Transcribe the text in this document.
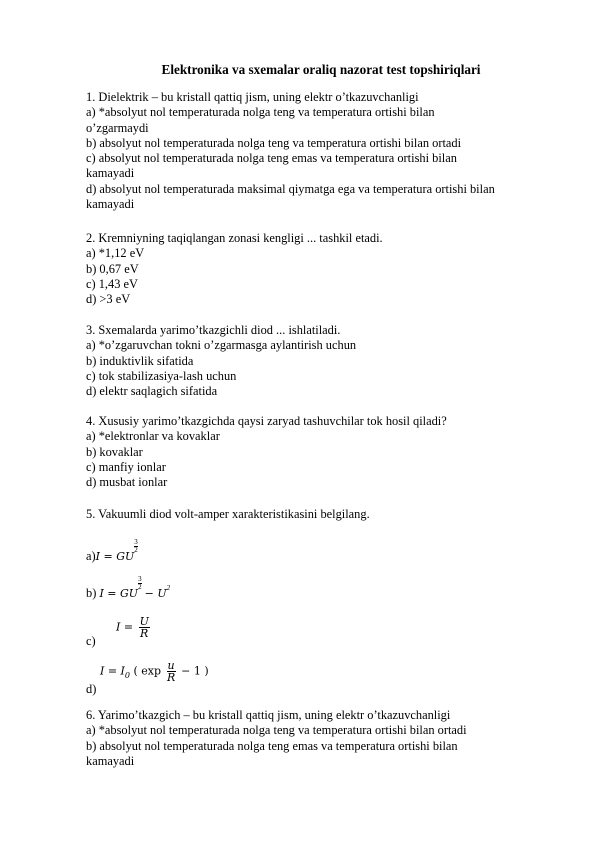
Elektronika va sxemalar oraliq nazorat test topshiriqlari
1. Dielektrik – bu kristall qattiq jism, uning elektr o’tkazuvchanligi
a) *absolyut nol temperaturada nolga teng va temperatura ortishi bilan
o’zgarmaydi
b) absolyut nol temperaturada nolga teng va temperatura ortishi bilan ortadi
c) absolyut nol temperaturada nolga teng emas va temperatura ortishi bilan
kamayadi
d) absolyut nol temperaturada maksimal qiymatga ega va temperatura ortishi bilan
kamayadi
2. Kremniyning taqiqlangan zonasi kengligi ... tashkil etadi.
a) *1,12 eV
b) 0,67 eV
c) 1,43 eV
d) >3 eV
3. Sxemalarda yarimo’tkazgichli diod ... ishlatiladi.
a) *o’zgaruvchan tokni o’zgarmasga aylantirish uchun
b) induktivlik sifatida
c) tok stabilizasiya-lash uchun
d) elektr saqlagich sifatida
4. Xususiy yarimo’tkazgichda qaysi zaryad tashuvchilar tok hosil qiladi?
a) *elektronlar va kovaklar
b) kovaklar
c) manfiy ionlar
d) musbat ionlar
5. Vakuumli diod volt-amper xarakteristikasini belgilang.
a)I = GU
$\frac{3}{2}$
b) I = GU
$\frac{3}{2}$
− $U^2$
$I = \frac{U}{R}$
c)
$I = I_0$ ( $\exp \frac{u}{R} - 1$ )
d)
6. Yarimo’tkazgich – bu kristall qattiq jism, uning elektr o’tkazuvchanligi
a) *absolyut nol temperaturada nolga teng va temperatura ortishi bilan ortadi
b) absolyut nol temperaturada nolga teng emas va temperatura ortishi bilan
kamayadi
